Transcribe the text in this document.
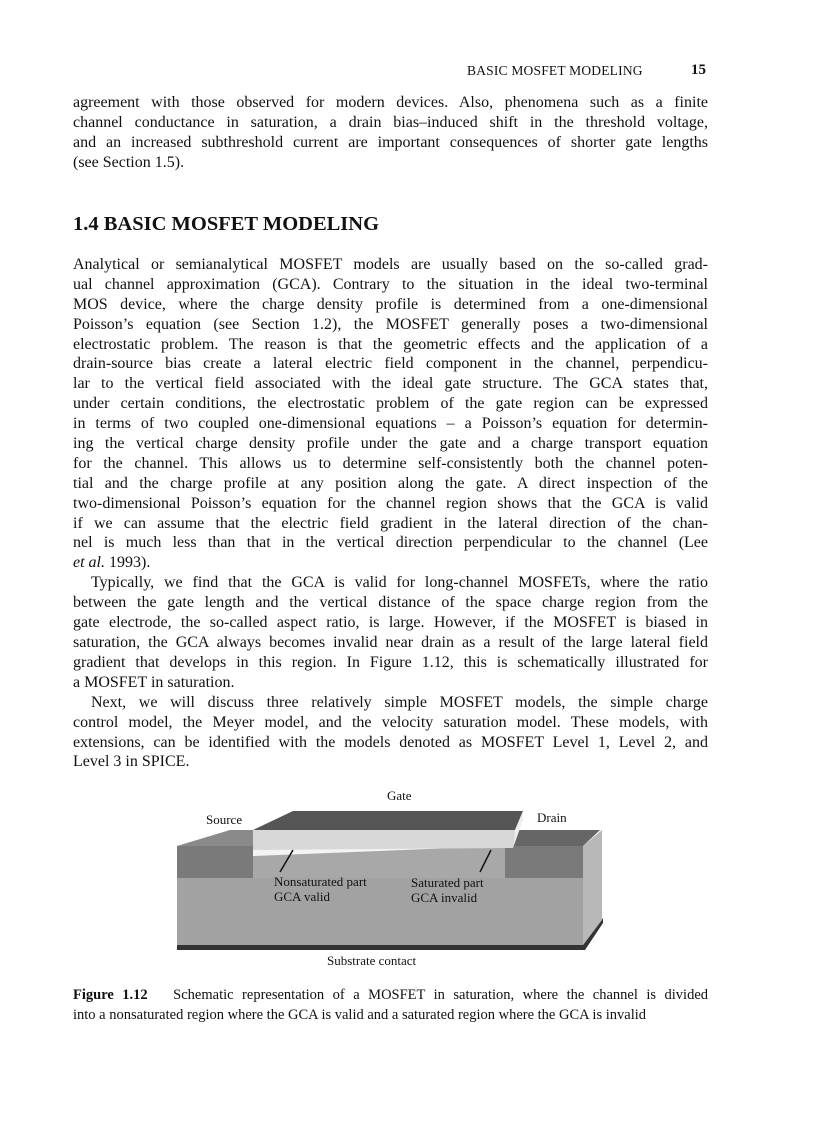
BASIC MOSFET MODELING	15
agreement with those observed for modern devices. Also, phenomena such as a finite
channel conductance in saturation, a drain bias–induced shift in the threshold voltage,
and an increased subthreshold current are important consequences of shorter gate lengths
(see Section 1.5).
1.4 BASIC MOSFET MODELING
Analytical or semianalytical MOSFET models are usually based on the so-called grad-
ual channel approximation (GCA). Contrary to the situation in the ideal two-terminal
MOS device, where the charge density profile is determined from a one-dimensional
Poisson’s equation (see Section 1.2), the MOSFET generally poses a two-dimensional
electrostatic problem. The reason is that the geometric effects and the application of a
drain-source bias create a lateral electric field component in the channel, perpendicu-
lar to the vertical field associated with the ideal gate structure. The GCA states that,
under certain conditions, the electrostatic problem of the gate region can be expressed
in terms of two coupled one-dimensional equations – a Poisson’s equation for determin-
ing the vertical charge density profile under the gate and a charge transport equation
for the channel. This allows us to determine self-consistently both the channel poten-
tial and the charge profile at any position along the gate. A direct inspection of the
two-dimensional Poisson’s equation for the channel region shows that the GCA is valid
if we can assume that the electric field gradient in the lateral direction of the chan-
nel is much less than that in the vertical direction perpendicular to the channel (Lee
et al. 1993).
Typically, we find that the GCA is valid for long-channel MOSFETs, where the ratio
between the gate length and the vertical distance of the space charge region from the
gate electrode, the so-called aspect ratio, is large. However, if the MOSFET is biased in
saturation, the GCA always becomes invalid near drain as a result of the large lateral field
gradient that develops in this region. In Figure 1.12, this is schematically illustrated for
a MOSFET in saturation.
Next, we will discuss three relatively simple MOSFET models, the simple charge
control model, the Meyer model, and the velocity saturation model. These models, with
extensions, can be identified with the models denoted as MOSFET Level 1, Level 2, and
Level 3 in SPICE.
Gate
Source	Drain
Nonsaturated part
GCA valid
Saturated part
GCA invalid
Substrate contact
Figure 1.12 Schematic representation of a MOSFET in saturation, where the channel is divided
into a nonsaturated region where the GCA is valid and a saturated region where the GCA is invalid
